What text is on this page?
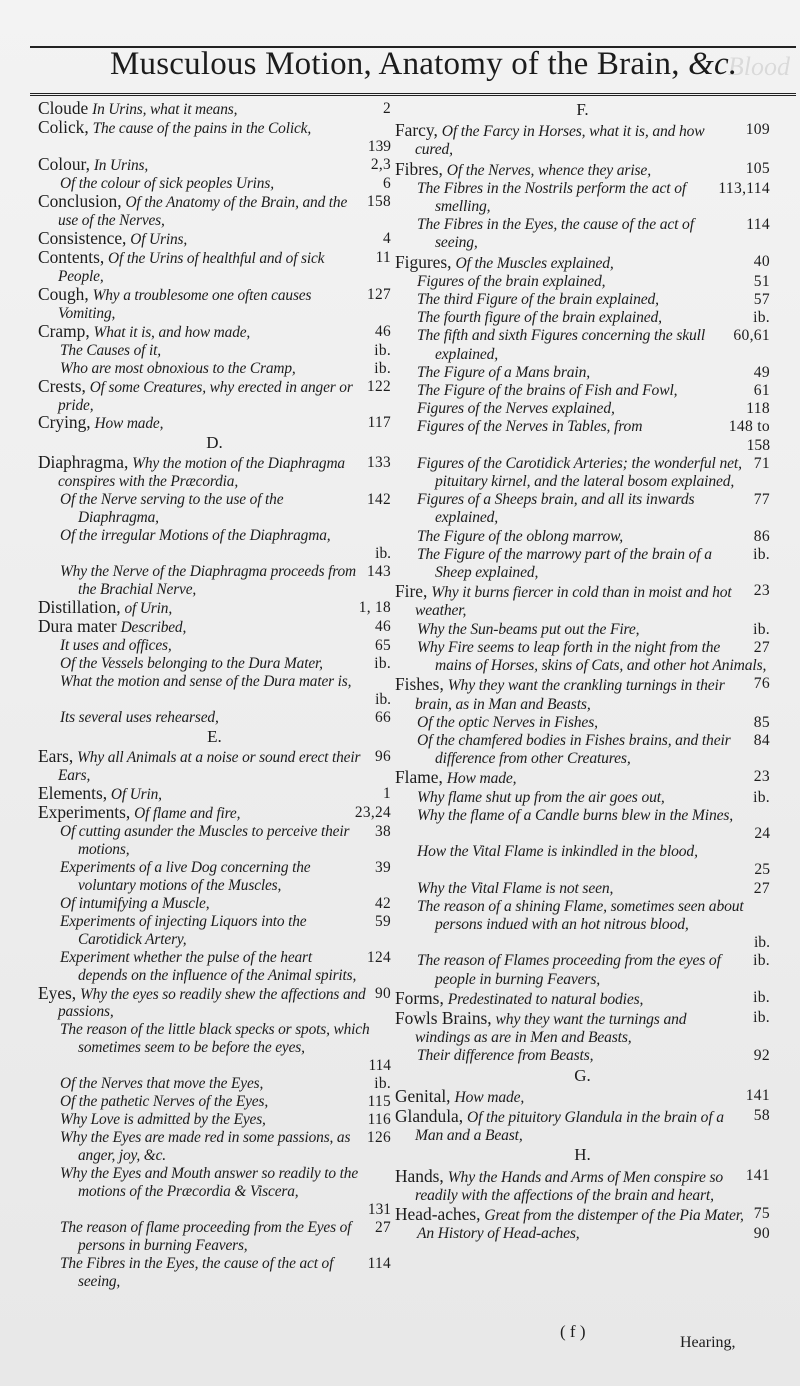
Blood
Musculous Motion, Anatomy of the Brain, &c.
2
Cloude In Urins, what it means,
Colick, The cause of the pains in the Colick,
139
2,3
Colour, In Urins,
6
Of the colour of sick peoples Urins,
158
Conclusion, Of the Anatomy of the Brain, and the use of the Nerves,
4
Consistence, Of Urins,
11
Contents, Of the Urins of healthful and of sick People,
127
Cough, Why a troublesome one often causes Vomiting,
46
Cramp, What it is, and how made,
ib.
The Causes of it,
ib.
Who are most obnoxious to the Cramp,
122
Crests, Of some Creatures, why erected in anger or pride,
117
Crying, How made,
D.
133
Diaphragma, Why the motion of the Diaphragma conspires with the Præcordia,
142
Of the Nerve serving to the use of the Diaphragma,
Of the irregular Motions of the Diaphragma,
ib.
143
Why the Nerve of the Diaphragma proceeds from the Brachial Nerve,
1, 18
Distillation, of Urin,
46
Dura mater Described,
65
It uses and offices,
ib.
Of the Vessels belonging to the Dura Mater,
What the motion and sense of the Dura mater is,
ib.
66
Its several uses rehearsed,
E.
96
Ears, Why all Animals at a noise or sound erect their Ears,
1
Elements, Of Urin,
23,24
Experiments, Of flame and fire,
38
Of cutting asunder the Muscles to perceive their motions,
39
Experiments of a live Dog concerning the voluntary motions of the Muscles,
42
Of intumifying a Muscle,
59
Experiments of injecting Liquors into the Carotidick Artery,
124
Experiment whether the pulse of the heart depends on the influence of the Animal spirits,
90
Eyes, Why the eyes so readily shew the affections and passions,
The reason of the little black specks or spots, which sometimes seem to be before the eyes,
114
ib.
Of the Nerves that move the Eyes,
115
Of the pathetic Nerves of the Eyes,
116
Why Love is admitted by the Eyes,
126
Why the Eyes are made red in some passions, as anger, joy, &c.
Why the Eyes and Mouth answer so readily to the motions of the Præcordia & Viscera,
131
27
The reason of flame proceeding from the Eyes of persons in burning Feavers,
114
The Fibres in the Eyes, the cause of the act of seeing,
F.
109
Farcy, Of the Farcy in Horses, what it is, and how cured,
105
Fibres, Of the Nerves, whence they arise,
113,114
The Fibres in the Nostrils perform the act of smelling,
114
The Fibres in the Eyes, the cause of the act of seeing,
40
Figures, Of the Muscles explained,
51
Figures of the brain explained,
57
The third Figure of the brain explained,
ib.
The fourth figure of the brain explained,
60,61
The fifth and sixth Figures concerning the skull explained,
49
The Figure of a Mans brain,
61
The Figure of the brains of Fish and Fowl,
118
Figures of the Nerves explained,
148 to
Figures of the Nerves in Tables, from
158
71
Figures of the Carotidick Arteries; the wonderful net, pituitary kirnel, and the lateral bosom explained,
77
Figures of a Sheeps brain, and all its inwards explained,
86
The Figure of the oblong marrow,
ib.
The Figure of the marrowy part of the brain of a Sheep explained,
23
Fire, Why it burns fiercer in cold than in moist and hot weather,
ib.
Why the Sun-beams put out the Fire,
27
Why Fire seems to leap forth in the night from the mains of Horses, skins of Cats, and other hot Animals,
76
Fishes, Why they want the crankling turnings in their brain, as in Man and Beasts,
85
Of the optic Nerves in Fishes,
84
Of the chamfered bodies in Fishes brains, and their difference from other Creatures,
23
Flame, How made,
ib.
Why flame shut up from the air goes out,
Why the flame of a Candle burns blew in the Mines,
24
How the Vital Flame is inkindled in the blood,
25
27
Why the Vital Flame is not seen,
The reason of a shining Flame, sometimes seen about persons indued with an hot nitrous blood,
ib.
ib.
The reason of Flames proceeding from the eyes of people in burning Feavers,
ib.
Forms, Predestinated to natural bodies,
ib.
Fowls Brains, why they want the turnings and windings as are in Men and Beasts,
92
Their difference from Beasts,
G.
141
Genital, How made,
58
Glandula, Of the pituitory Glandula in the brain of a Man and a Beast,
H.
141
Hands, Why the Hands and Arms of Men conspire so readily with the affections of the brain and heart,
75
Head-aches, Great from the distemper of the Pia Mater,
90
An History of Head-aches,
( f )
Hearing,
